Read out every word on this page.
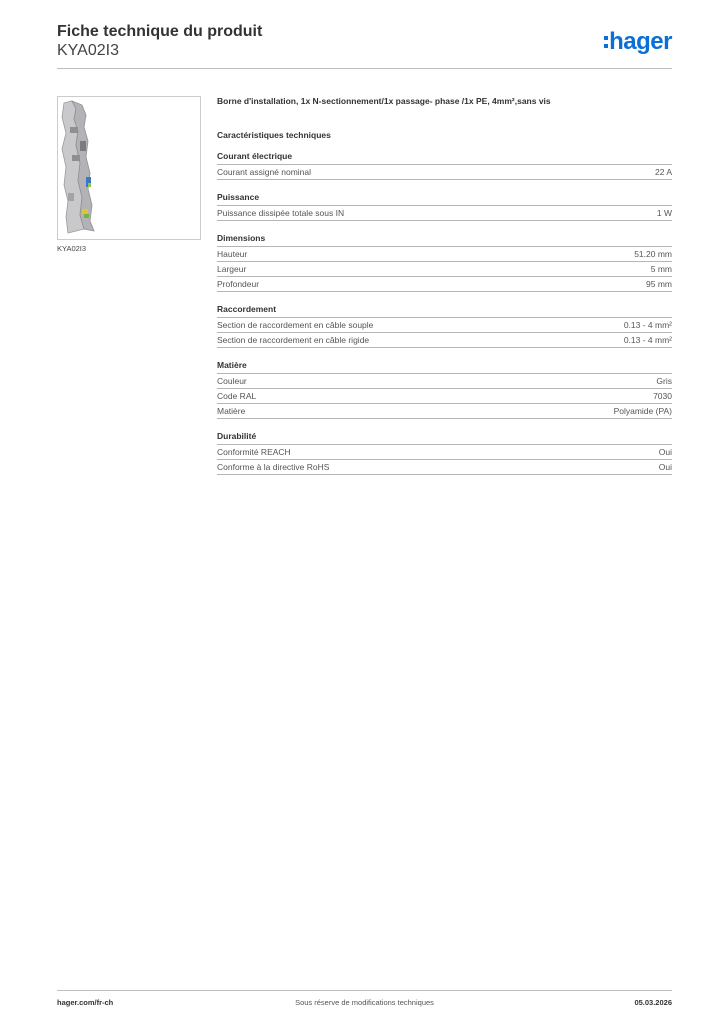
Fiche technique du produit

KYA02I3	hager
KYA02I3

Borne d'installation, 1x N-sectionnement/1x passage- phase /1x PE, 4mm²,sans vis

Caractéristiques techniques

Courant électrique
Courant assigné nominal	22 A
Puissance
Puissance dissipée totale sous IN	1 W
Dimensions
Hauteur	51.20 mm
Largeur	5 mm
Profondeur	95 mm
Raccordement
Section de raccordement en câble souple	0.13 - 4 mm²
Section de raccordement en câble rigide	0.13 - 4 mm²
Matière
Couleur	Gris
Code RAL	7030
Matière	Polyamide (PA)
Durabilité
Conformité REACH	Oui
Conforme à la directive RoHS	Oui
hager.com/fr-ch	Sous réserve de modifications techniques	05.03.2026
